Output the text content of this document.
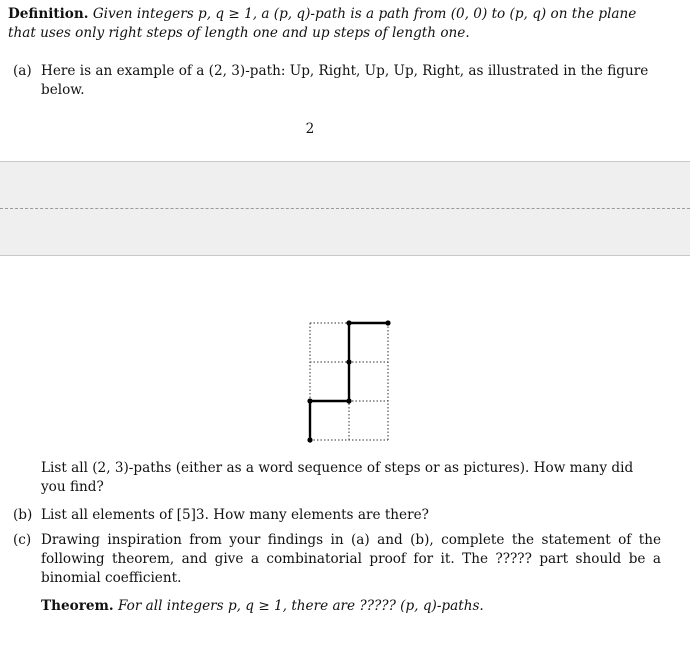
Definition. Given integers p, q ≥ 1, a (p, q)-path is a path from (0, 0) to (p, q) on the plane that uses only right steps of length one and up steps of length one.
(a) Here is an example of a (2, 3)-path: Up, Right, Up, Up, Right, as illustrated in the figure below.
2
List all (2, 3)-paths (either as a word sequence of steps or as pictures). How many did you find?
(b) List all elements of [5]3. How many elements are there?
(c) Drawing inspiration from your findings in (a) and (b), complete the statement of the following theorem, and give a combinatorial proof for it. The ????? part should be a binomial coefficient.
Theorem. For all integers p, q ≥ 1, there are ????? (p, q)-paths.
